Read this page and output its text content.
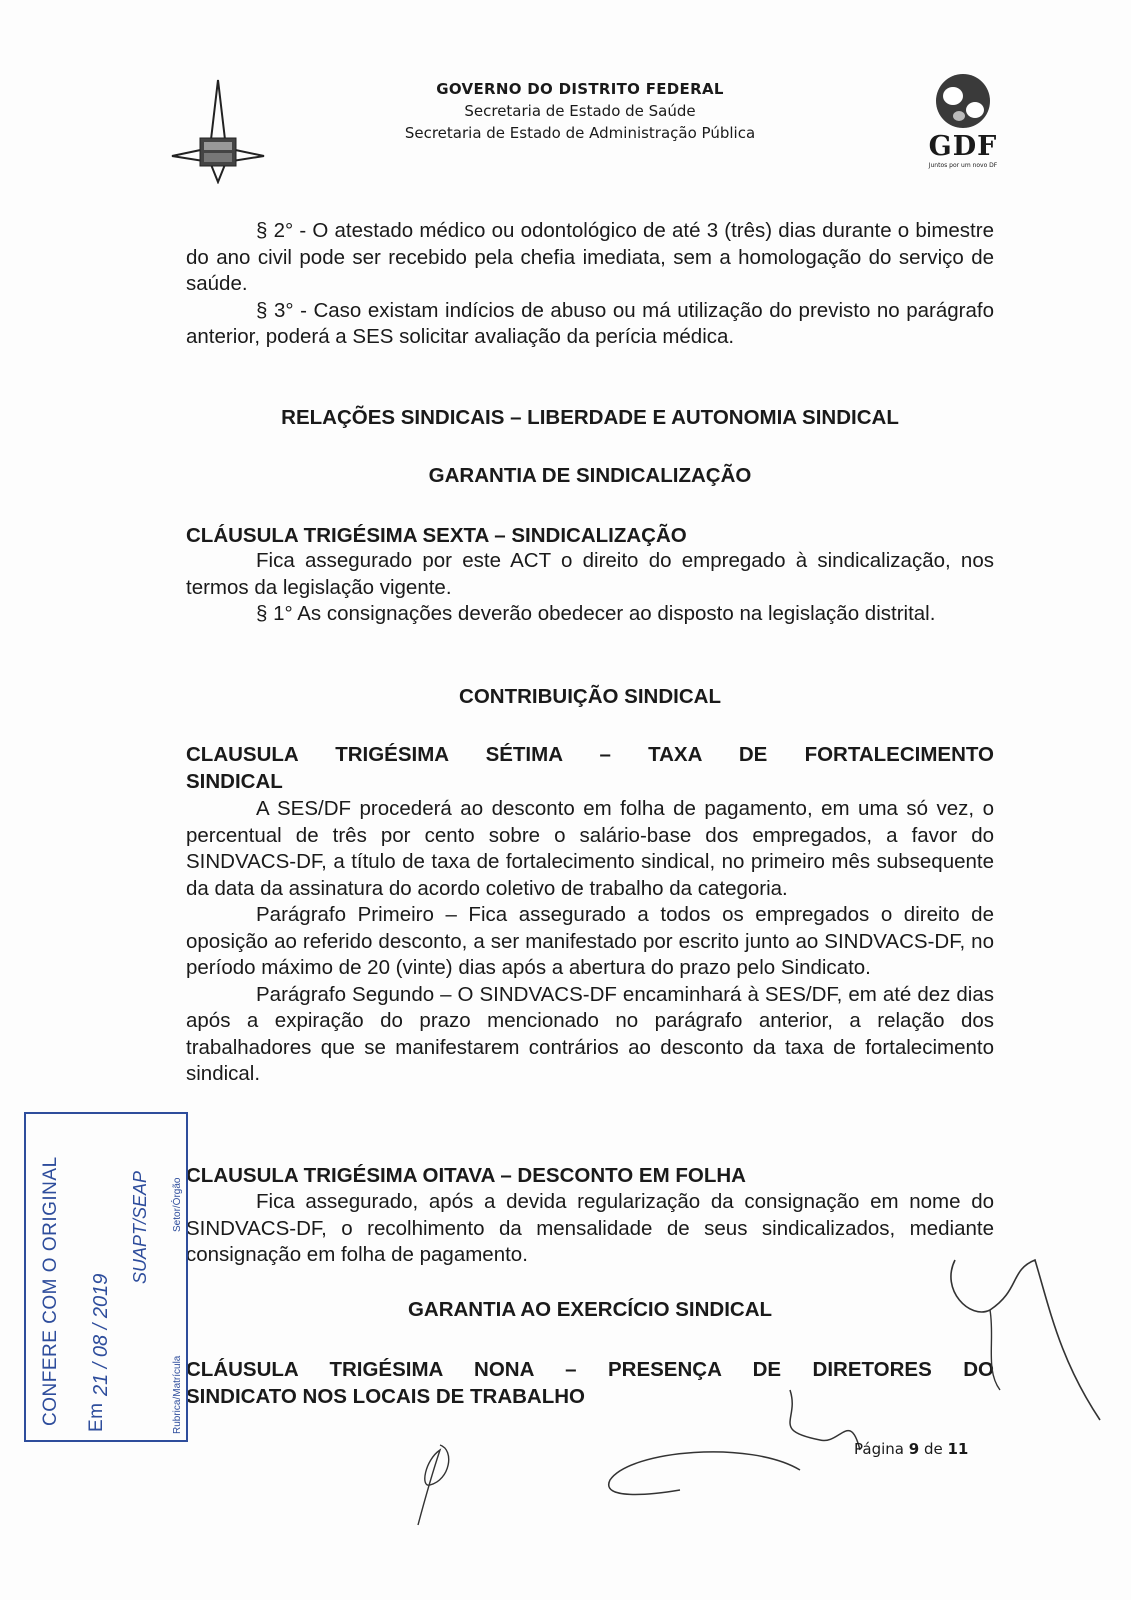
GOVERNO DO DISTRITO FEDERAL
Secretaria de Estado de Saúde
Secretaria de Estado de Administração Pública	GDF
Juntos por um novo DF

§ 2° - O atestado médico ou odontológico de até 3 (três) dias durante o bimestre do ano civil pode ser recebido pela chefia imediata, sem a homologação do serviço de saúde.

§ 3° - Caso existam indícios de abuso ou má utilização do previsto no parágrafo anterior, poderá a SES solicitar avaliação da perícia médica.

RELAÇÕES SINDICAIS – LIBERDADE E AUTONOMIA SINDICAL
GARANTIA DE SINDICALIZAÇÃO
CLÁUSULA TRIGÉSIMA SEXTA – SINDICALIZAÇÃO

Fica assegurado por este ACT o direito do empregado à sindicalização, nos termos da legislação vigente.

§ 1° As consignações deverão obedecer ao disposto na legislação distrital.

CONTRIBUIÇÃO SINDICAL
CLAUSULA TRIGÉSIMA SÉTIMA – TAXA DE FORTALECIMENTO
SINDICAL

A SES/DF procederá ao desconto em folha de pagamento, em uma só vez, o percentual de três por cento sobre o salário-base dos empregados, a favor do SINDVACS-DF, a título de taxa de fortalecimento sindical, no primeiro mês subsequente da data da assinatura do acordo coletivo de trabalho da categoria.

Parágrafo Primeiro – Fica assegurado a todos os empregados o direito de oposição ao referido desconto, a ser manifestado por escrito junto ao SINDVACS-DF, no período máximo de 20 (vinte) dias após a abertura do prazo pelo Sindicato.

Parágrafo Segundo – O SINDVACS-DF encaminhará à SES/DF, em até dez dias após a expiração do prazo mencionado no parágrafo anterior, a relação dos trabalhadores que se manifestarem contrários ao desconto da taxa de fortalecimento sindical.

CLAUSULA TRIGÉSIMA OITAVA – DESCONTO EM FOLHA

Fica assegurado, após a devida regularização da consignação em nome do SINDVACS-DF, o recolhimento da mensalidade de seus sindicalizados, mediante consignação em folha de pagamento.

GARANTIA AO EXERCÍCIO SINDICAL
CLÁUSULA TRIGÉSIMA NONA – PRESENÇA DE DIRETORES DO
SINDICATO NOS LOCAIS DE TRABALHO
CONFERE COM O ORIGINAL Em
21 / 08 / 2019
SUAPT/SEAP Setor/Órgão
Rubrica/Matrícula
Página 9 de 11
